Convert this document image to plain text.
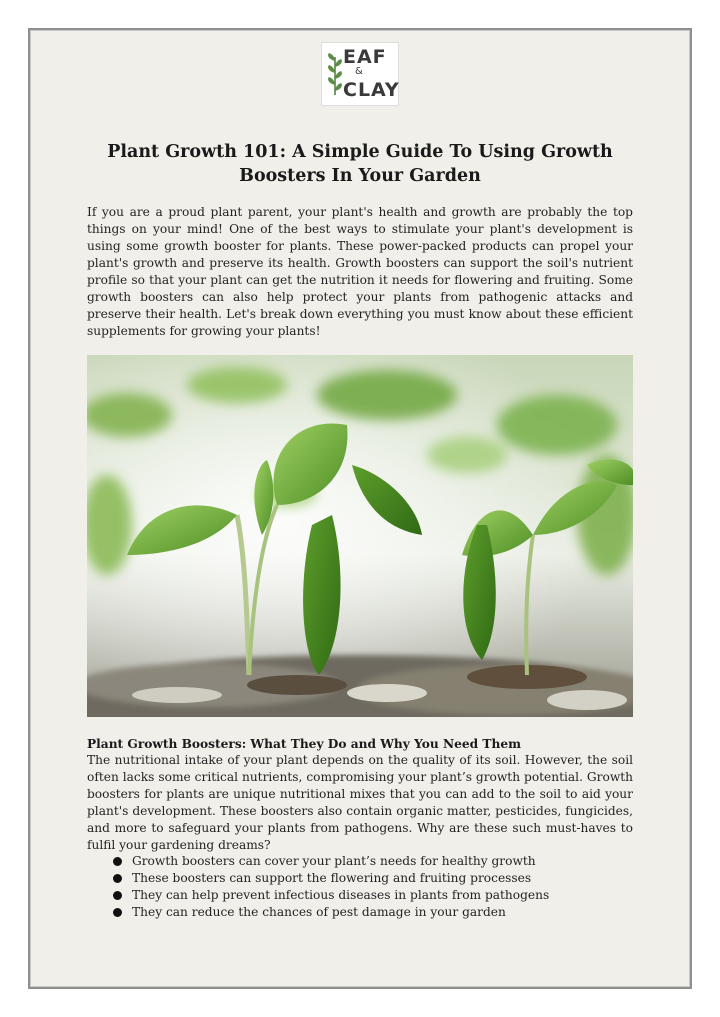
EAF
&
CLAY
Plant Growth 101: A Simple Guide To Using Growth Boosters In Your Garden

If you are a proud plant parent, your plant's health and growth are probably the top things on your mind! One of the best ways to stimulate your plant's development is using some growth booster for plants. These power-packed products can propel your plant's growth and preserve its health. Growth boosters can support the soil's nutrient profile so that your plant can get the nutrition it needs for flowering and fruiting. Some growth boosters can also help protect your plants from pathogenic attacks and preserve their health. Let's break down everything you must know about these efficient supplements for growing your plants!

Plant Growth Boosters: What They Do and Why You Need Them

The nutritional intake of your plant depends on the quality of its soil. However, the soil often lacks some critical nutrients, compromising your plant’s growth potential. Growth boosters for plants are unique nutritional mixes that you can add to the soil to aid your plant's development. These boosters also contain organic matter, pesticides, fungicides, and more to safeguard your plants from pathogens. Why are these such must-haves to fulfil your gardening dreams?

Growth boosters can cover your plant’s needs for healthy growth
These boosters can support the flowering and fruiting processes
They can help prevent infectious diseases in plants from pathogens
They can reduce the chances of pest damage in your garden
